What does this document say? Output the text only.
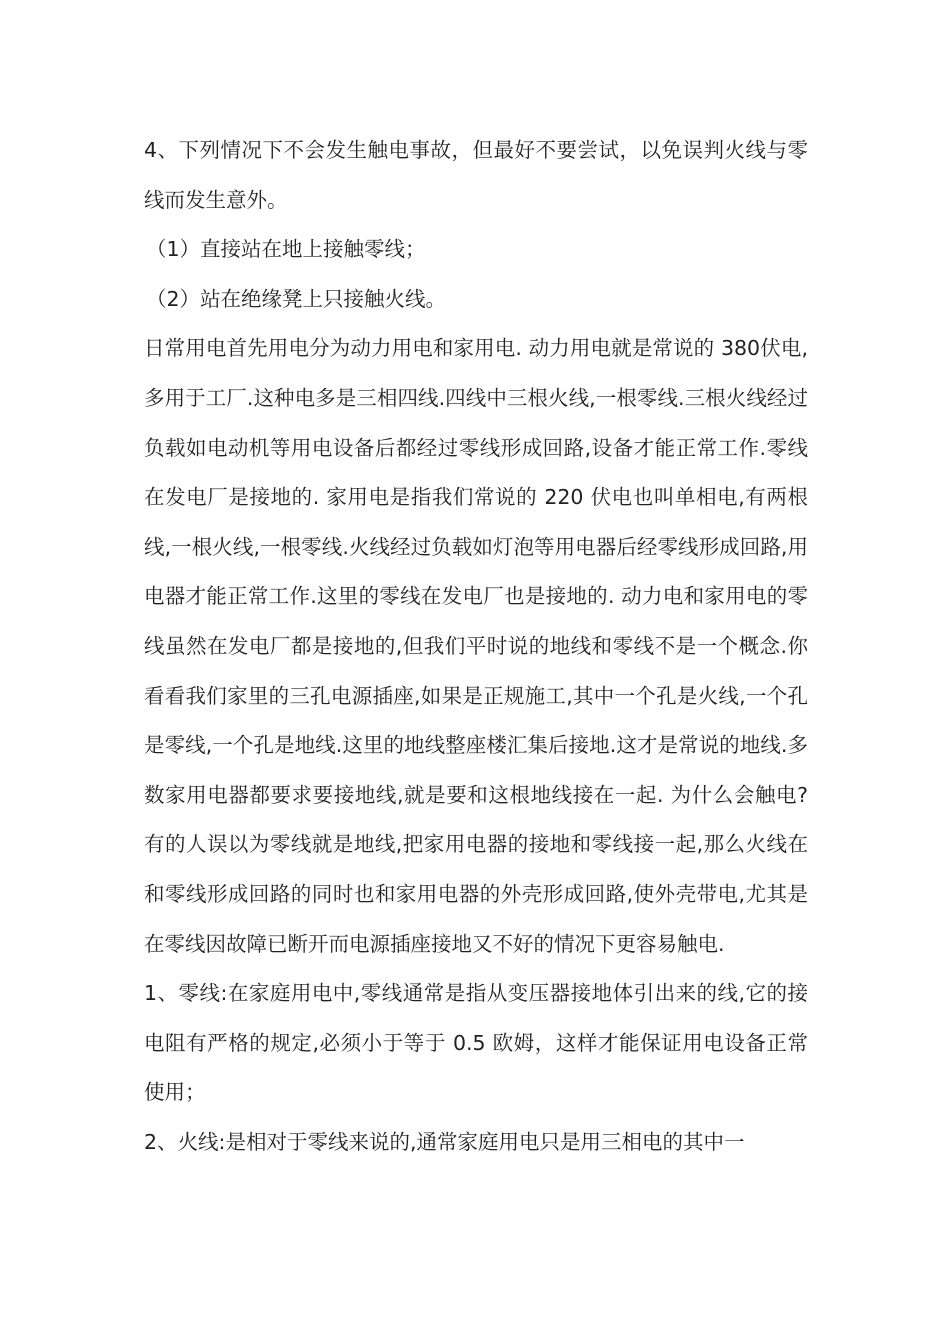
4、下列情况下不会发生触电事故，但最好不要尝试，以免误判火线与零线而发生意外。

（1）直接站在地上接触零线；

（2）站在绝缘凳上只接触火线。

日常用电首先用电分为动力用电和家用电. 动力用电就是常说的 380伏电,多用于工厂.这种电多是三相四线.四线中三根火线,一根零线.三根火线经过负载如电动机等用电设备后都经过零线形成回路,设备才能正常工作.零线在发电厂是接地的. 家用电是指我们常说的 220 伏电也叫单相电,有两根线,一根火线,一根零线.火线经过负载如灯泡等用电器后经零线形成回路,用电器才能正常工作.这里的零线在发电厂也是接地的. 动力电和家用电的零线虽然在发电厂都是接地的,但我们平时说的地线和零线不是一个概念.你看看我们家里的三孔电源插座,如果是正规施工,其中一个孔是火线,一个孔是零线,一个孔是地线.这里的地线整座楼汇集后接地.这才是常说的地线.多数家用电器都要求要接地线,就是要和这根地线接在一起. 为什么会触电? 有的人误以为零线就是地线,把家用电器的接地和零线接一起,那么火线在和零线形成回路的同时也和家用电器的外壳形成回路,使外壳带电,尤其是在零线因故障已断开而电源插座接地又不好的情况下更容易触电.

1、零线:在家庭用电中,零线通常是指从变压器接地体引出来的线,它的接电阻有严格的规定,必须小于等于 0.5 欧姆，这样才能保证用电设备正常使用；

2、火线:是相对于零线来说的,通常家庭用电只是用三相电的其中一
